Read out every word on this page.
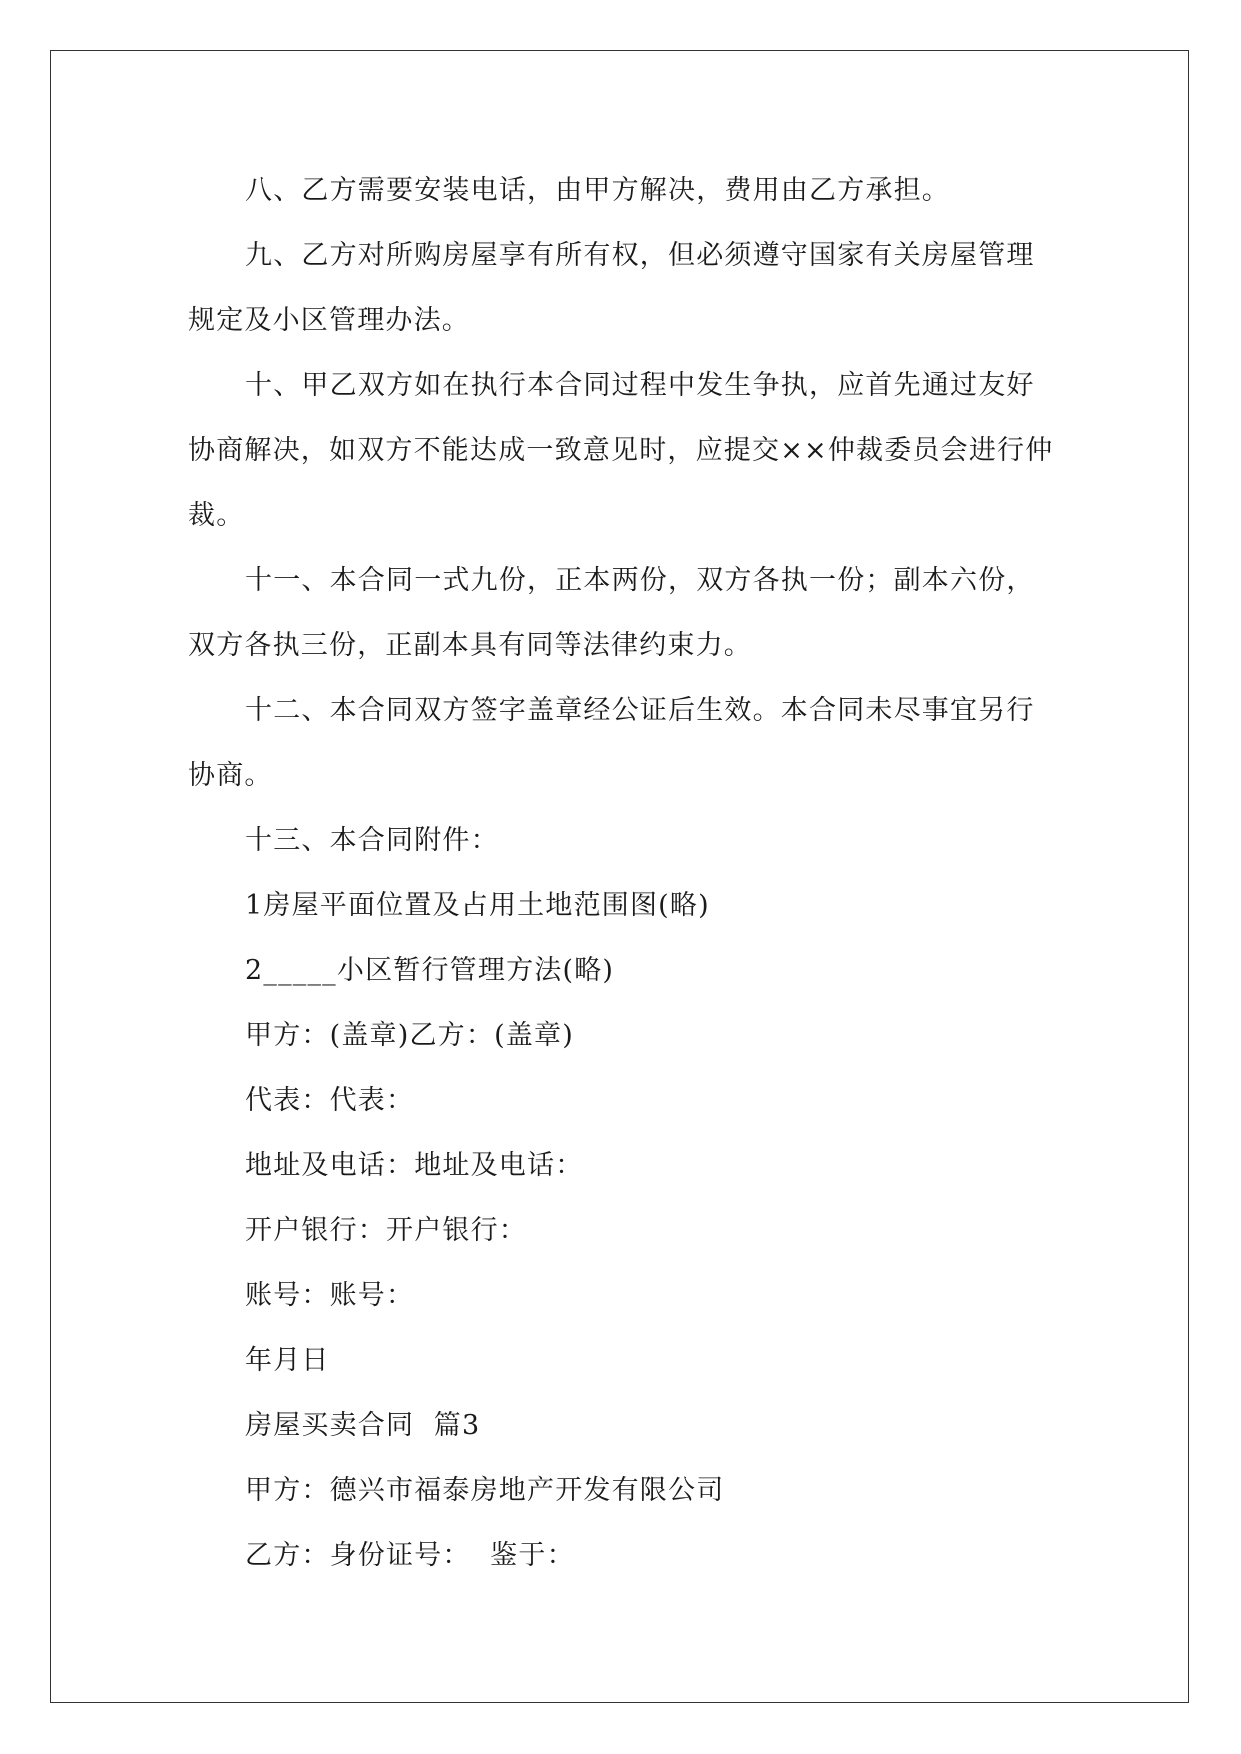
八、乙方需要安装电话，由甲方解决，费用由乙方承担。

九、乙方对所购房屋享有所有权，但必须遵守国家有关房屋管理规定及小区管理办法。

十、甲乙双方如在执行本合同过程中发生争执，应首先通过友好协商解决，如双方不能达成一致意见时，应提交××仲裁委员会进行仲裁。

十一、本合同一式九份，正本两份，双方各执一份；副本六份，双方各执三份，正副本具有同等法律约束力。

十二、本合同双方签字盖章经公证后生效。本合同未尽事宜另行协商。

十三、本合同附件：

1房屋平面位置及占用土地范围图(略)

2_____小区暂行管理方法(略)

甲方：(盖章)乙方：(盖章)

代表：代表：

地址及电话：地址及电话：

开户银行：开户银行：

账号：账号：

年月日

房屋买卖合同  篇3

甲方：德兴市福泰房地产开发有限公司

乙方：身份证号：  鉴于：
